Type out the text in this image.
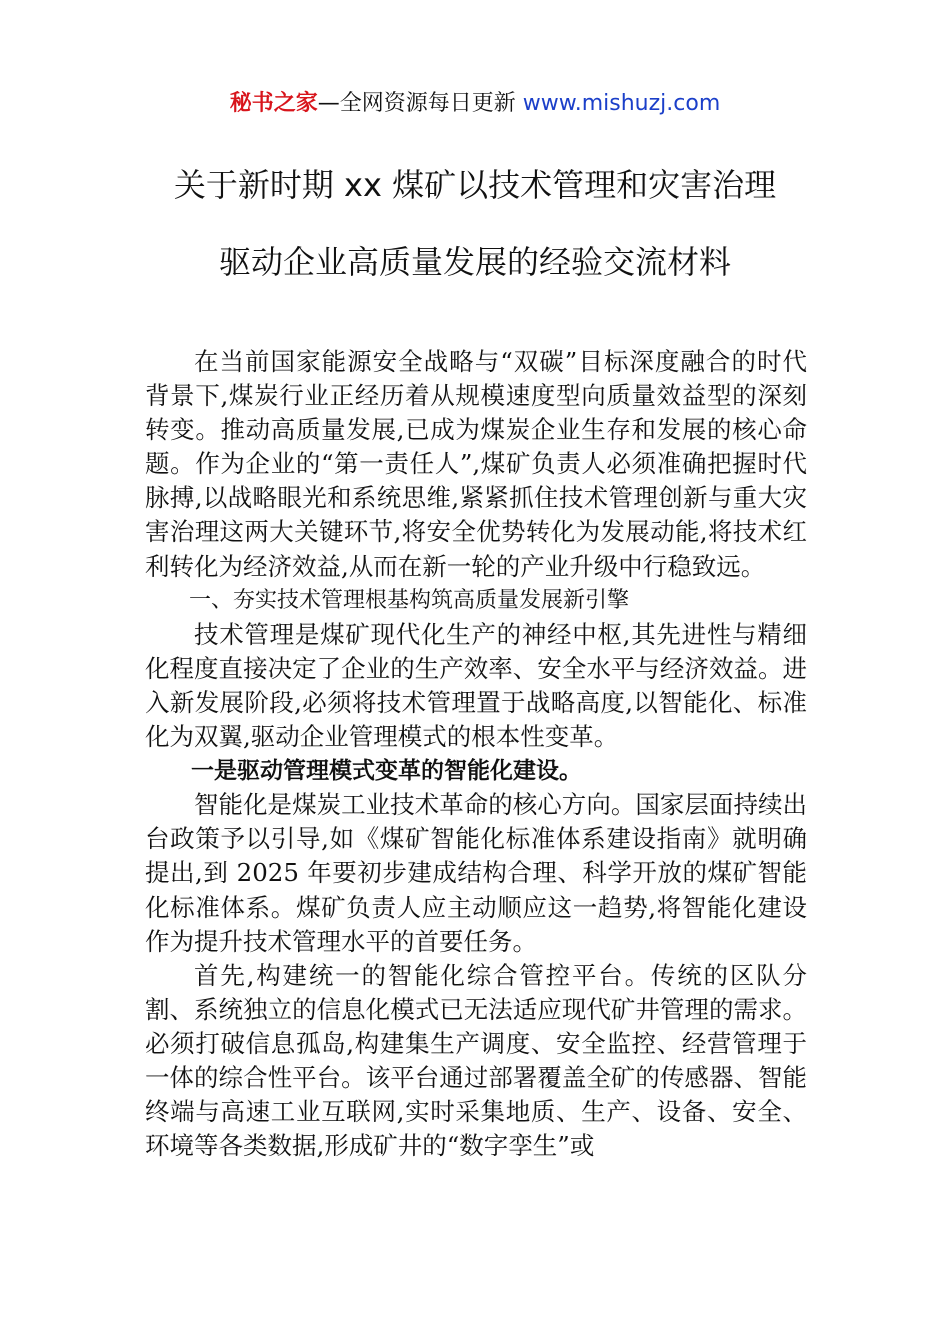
秘书之家—全网资源每日更新 www.mishuzj.com
关于新时期 xx 煤矿以技术管理和灾害治理
驱动企业高质量发展的经验交流材料

在当前国家能源安全战略与“双碳”目标深度融合的时代背景下,煤炭行业正经历着从规模速度型向质量效益型的深刻转变。推动高质量发展,已成为煤炭企业生存和发展的核心命题。作为企业的“第一责任人”,煤矿负责人必须准确把握时代脉搏,以战略眼光和系统思维,紧紧抓住技术管理创新与重大灾害治理这两大关键环节,将安全优势转化为发展动能,将技术红利转化为经济效益,从而在新一轮的产业升级中行稳致远。

一、夯实技术管理根基构筑高质量发展新引擎

技术管理是煤矿现代化生产的神经中枢,其先进性与精细化程度直接决定了企业的生产效率、安全水平与经济效益。进入新发展阶段,必须将技术管理置于战略高度,以智能化、标准化为双翼,驱动企业管理模式的根本性变革。

一是驱动管理模式变革的智能化建设。

智能化是煤炭工业技术革命的核心方向。国家层面持续出台政策予以引导,如《煤矿智能化标准体系建设指南》就明确提出,到 2025 年要初步建成结构合理、科学开放的煤矿智能化标准体系。煤矿负责人应主动顺应这一趋势,将智能化建设作为提升技术管理水平的首要任务。

首先,构建统一的智能化综合管控平台。传统的区队分割、系统独立的信息化模式已无法适应现代矿井管理的需求。必须打破信息孤岛,构建集生产调度、安全监控、经营管理于一体的综合性平台。该平台通过部署覆盖全矿的传感器、智能终端与高速工业互联网,实时采集地质、生产、设备、安全、环境等各类数据,形成矿井的“数字孪生”或
